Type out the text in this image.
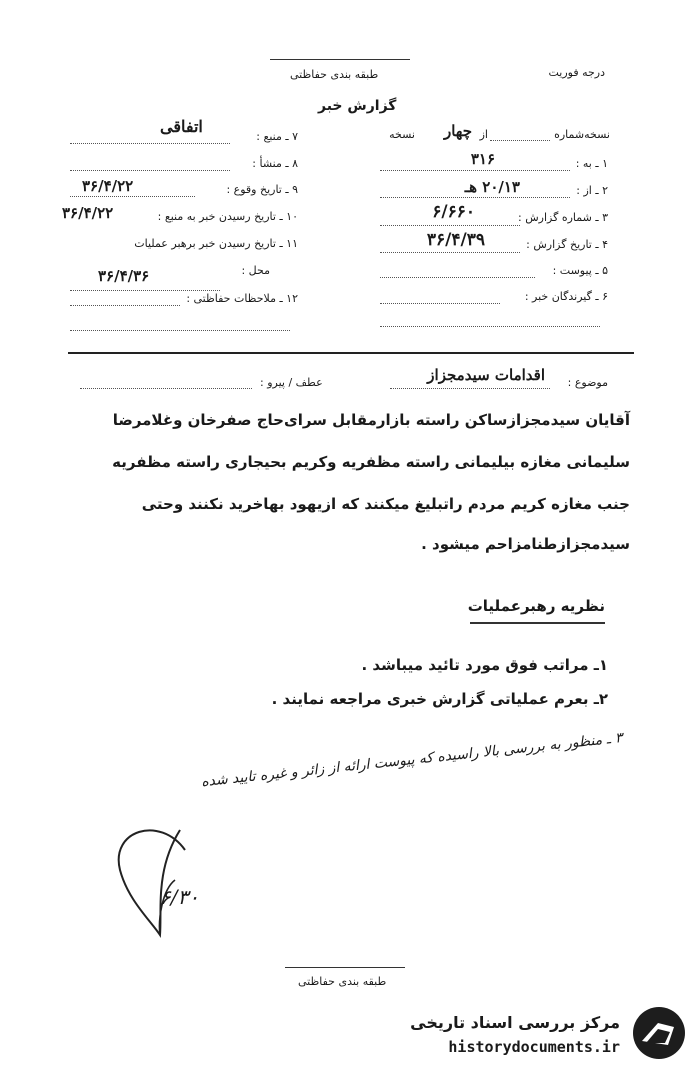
درجه فوریت
طبقه بندی حفاظتی
گزارش خبر
نسخه‌شماره
از
چهار
نسخه
۱ ـ به :
۳۱۶
۲ ـ از :
۲۰/۱۳ هـ
۳ ـ شماره گزارش :
۶/۶۶۰
۴ ـ تاریخ گزارش :
۳۶/۴/۳۹
۵ ـ پیوست :
۶ ـ گیرندگان خبر :
۷ ـ منبع :
اتفاقی
۸ ـ منشأ :
۹ ـ تاریخ وقوع :
۳۶/۴/۲۲
۱۰ ـ تاریخ رسیدن خبر به منبع :
۳۶/۴/۲۲
۱۱ ـ تاریخ رسیدن خبر برهبر عملیات
محل :
۳۶/۴/۳۶
۱۲ ـ ملاحظات حفاظتی :
موضوع :
اقدامات سیدمجزاز
عطف / پیرو :
آقایان سیدمجزازساکن راسته بازارمقابل سرای‌حاج صفرخان وغلامرضا
سلیمانی مغازه بیلیمانی راسته مظفریه وکریم بحیجاری راسته مظفریه
جنب مغازه کریم مردم راتبلیغ میکنند که ازیهود بهاخرید نکنند وحتی
سیدمجزازطنامزاحم میشود .
نظریه رهبرعملیات
۱ـ مراتب فوق مورد تائید میباشد .
۲ـ بعرم عملیاتی گزارش خبری مراجعه نمایند .
۳ ـ منظور به بررسی بالا راسیده که پیوست ارائه از زائر و غیره تایید شده
۶/۳۰
طبقه بندی حفاظتی
مرکز بررسی اسناد تاریخی
historydocuments.ir
